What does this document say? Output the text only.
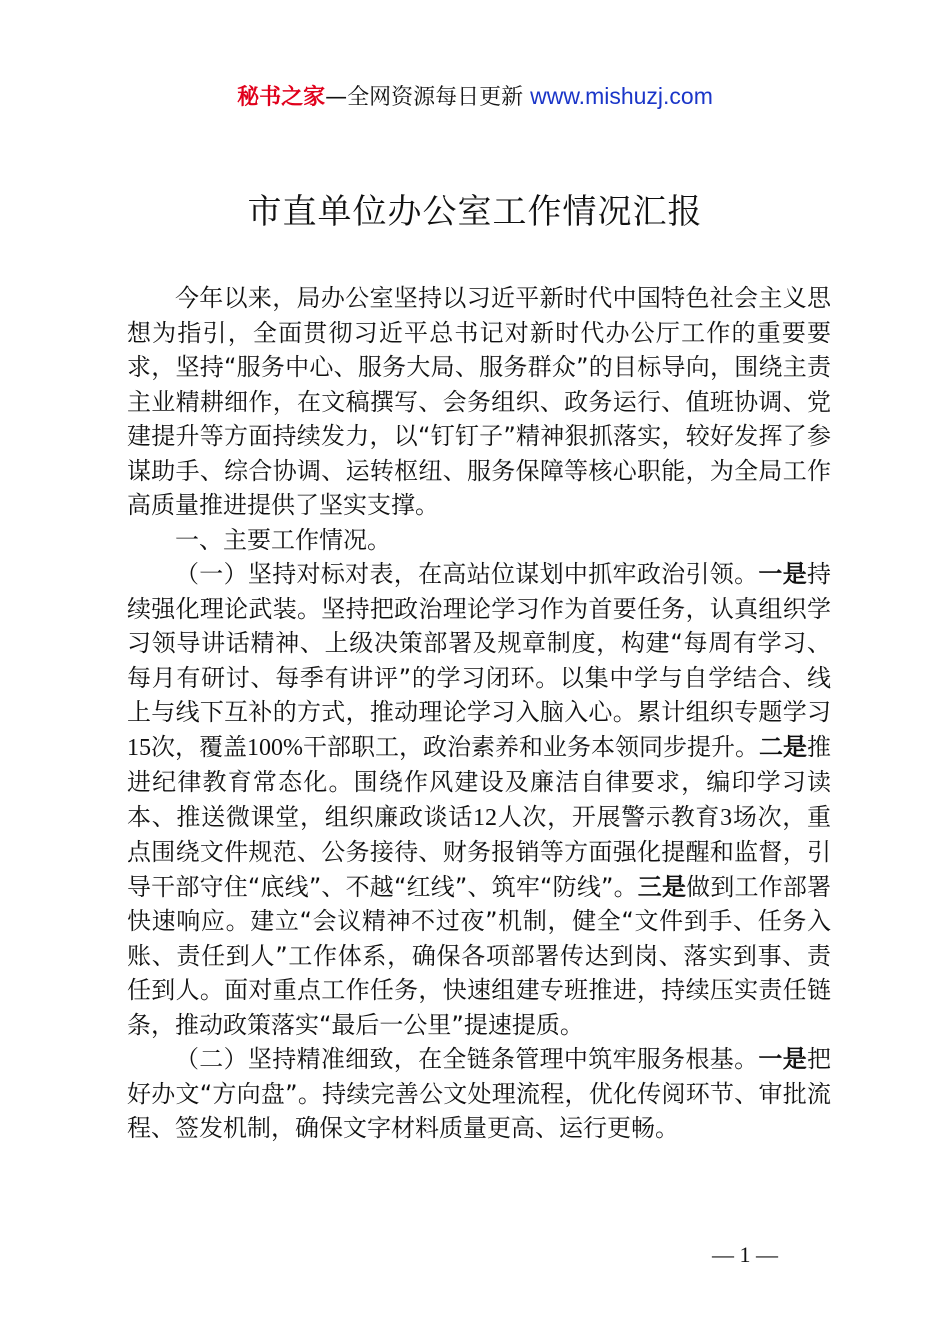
秘书之家—全网资源每日更新 www.mishuzj.com
市直单位办公室工作情况汇报

今年以来，局办公室坚持以习近平新时代中国特色社会主义思想为指引，全面贯彻习近平总书记对新时代办公厅工作的重要要求，坚持“服务中心、服务大局、服务群众”的目标导向，围绕主责主业精耕细作，在文稿撰写、会务组织、政务运行、值班协调、党建提升等方面持续发力，以“钉钉子”精神狠抓落实，较好发挥了参谋助手、综合协调、运转枢纽、服务保障等核心职能，为全局工作高质量推进提供了坚实支撑。

一、主要工作情况。

（一）坚持对标对表，在高站位谋划中抓牢政治引领。一是持续强化理论武装。坚持把政治理论学习作为首要任务，认真组织学习领导讲话精神、上级决策部署及规章制度，构建“每周有学习、每月有研讨、每季有讲评”的学习闭环。以集中学与自学结合、线上与线下互补的方式，推动理论学习入脑入心。累计组织专题学习15次，覆盖100%干部职工，政治素养和业务本领同步提升。二是推进纪律教育常态化。围绕作风建设及廉洁自律要求，编印学习读本、推送微课堂，组织廉政谈话12人次，开展警示教育3场次，重点围绕文件规范、公务接待、财务报销等方面强化提醒和监督，引导干部守住“底线”、不越“红线”、筑牢“防线”。三是做到工作部署快速响应。建立“会议精神不过夜”机制，健全“文件到手、任务入账、责任到人”工作体系，确保各项部署传达到岗、落实到事、责任到人。面对重点工作任务，快速组建专班推进，持续压实责任链条，推动政策落实“最后一公里”提速提质。

（二）坚持精准细致，在全链条管理中筑牢服务根基。一是把好办文“方向盘”。持续完善公文处理流程，优化传阅环节、审批流程、签发机制，确保文字材料质量更高、运行更畅。

— 1 —
